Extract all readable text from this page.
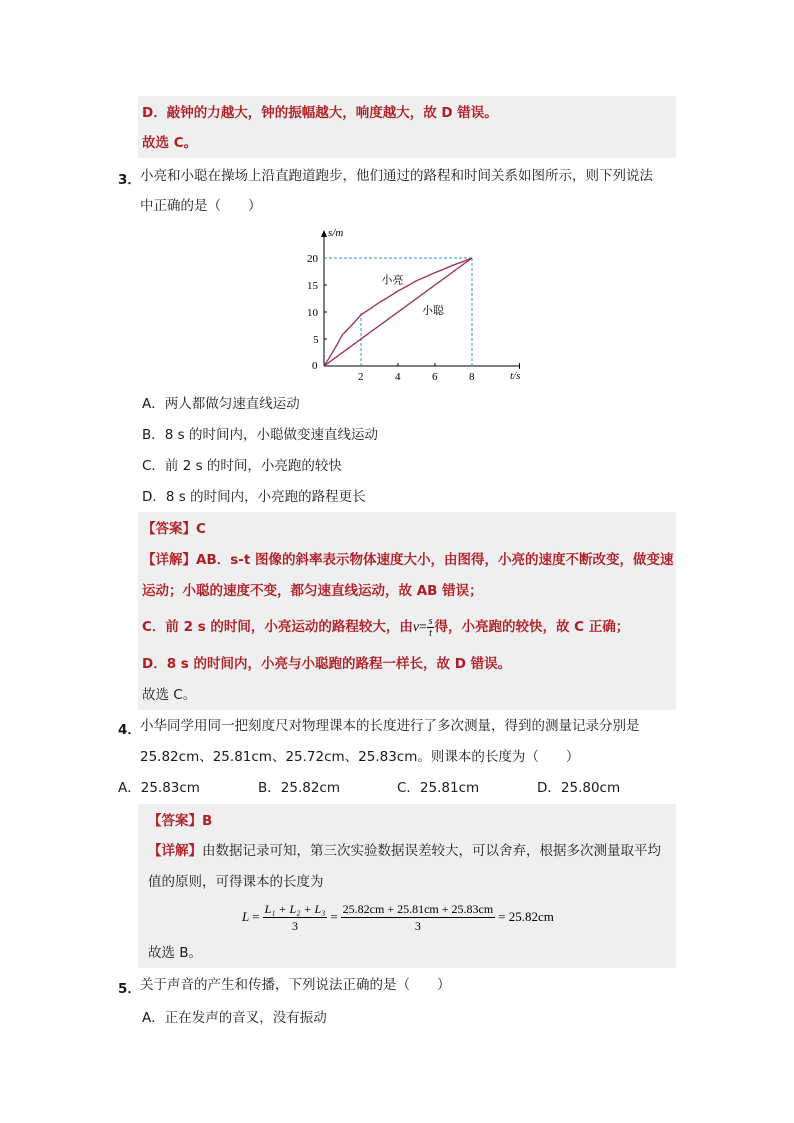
D．敲钟的力越大，钟的振幅越大，响度越大，故 D 错误。
故选 C。
3． 小亮和小聪在操场上沿直跑道跑步，他们通过的路程和时间关系如图所示，则下列说法
中正确的是（　　）
t/s
s/m
0
2	4	6	8
5
10
15
20
小亮
小聪
A．两人都做匀速直线运动
B．8 s 的时间内，小聪做变速直线运动
C．前 2 s 的时间，小亮跑的较快
D．8 s 的时间内，小亮跑的路程更长
【答案】C
【详解】AB．s-t 图像的斜率表示物体速度大小，由图得，小亮的速度不断改变，做变速
运动；小聪的速度不变，都匀速直线运动，故 AB 错误；
C．前 2 s 的时间，小亮运动的路程较大，由 $v = \frac{s}{t}$ 得，小亮跑的较快，故 C 正确；
D．8 s 的时间内，小亮与小聪跑的路程一样长，故 D 错误。
故选 C。
4． 小华同学用同一把刻度尺对物理课本的长度进行了多次测量，得到的测量记录分别是
25.82cm、25.81cm、25.72cm、25.83cm。则课本的长度为（　　）
A．25.83cm	B．25.82cm	C．25.81cm	D．25.80cm
【答案】B
【详解】由数据记录可知，第三次实验数据误差较大，可以舍弃，根据多次测量取平均
值的原则，可得课本的长度为
$L = \frac{\text{L₁ + L₂ + L₃}}{3} = \frac{25.82cm + 25.81cm + 25.83cm}{3} = 25.82cm$
故选 B。
5． 关于声音的产生和传播，下列说法正确的是（　　）
A．正在发声的音叉，没有振动
